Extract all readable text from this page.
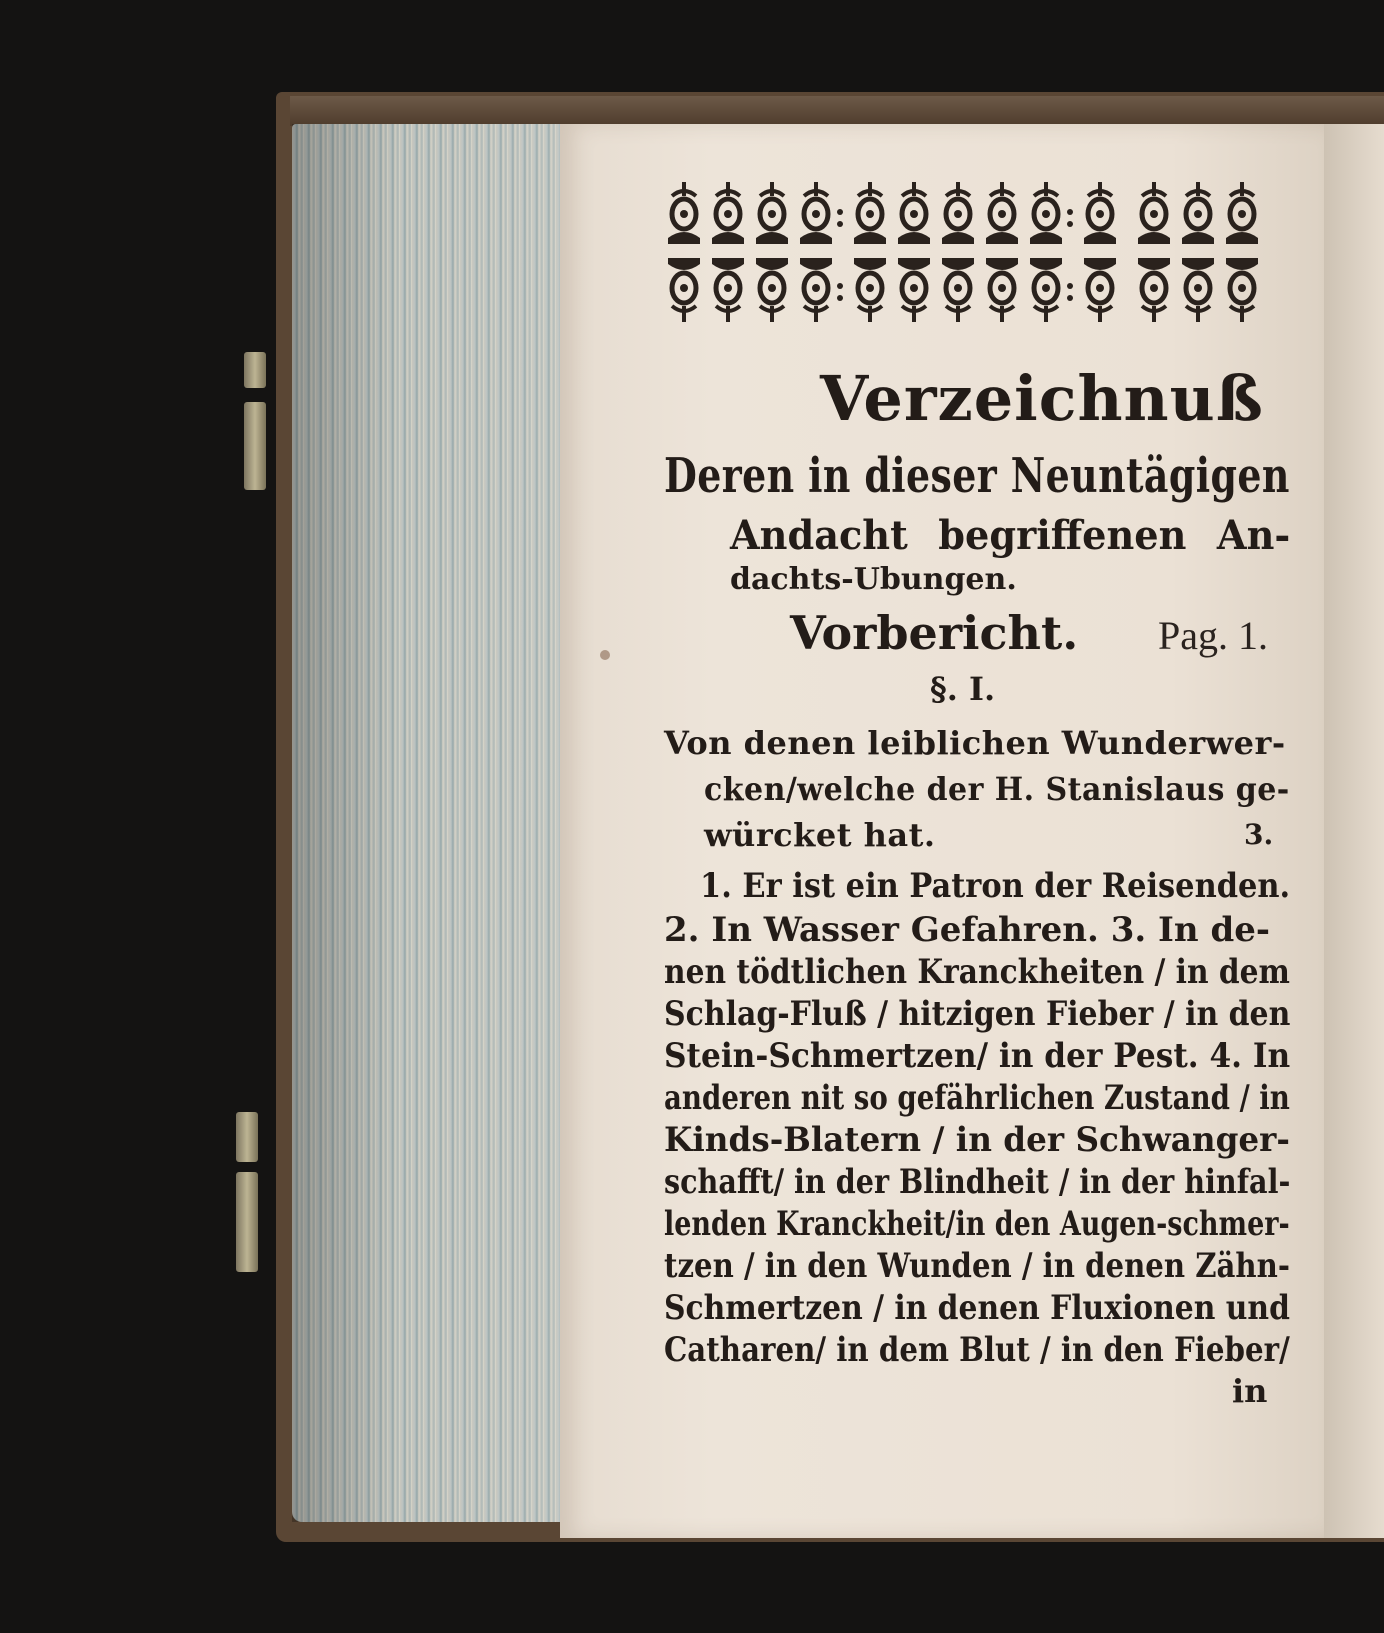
Verzeichnuß
Deren in dieser Neuntägigen
Andacht begriffenen An-
dachts-Ubungen.
Vorbericht. Pag. 1.
§. I.
Von denen leiblichen Wunderwer-
cken/welche der H. Stanislaus ge-
würcket hat.	3.
1. Er ist ein Patron der Reisenden.
2. In Wasser Gefahren. 3. In de-
nen tödtlichen Kranckheiten / in dem
Schlag-Fluß / hitzigen Fieber / in den
Stein-Schmertzen/ in der Pest. 4. In
anderen nit so gefährlichen Zustand / in
Kinds-Blatern / in der Schwanger-
schafft/ in der Blindheit / in der hinfal-
lenden Kranckheit/in den Augen-schmer-
tzen / in den Wunden / in denen Zähn-
Schmertzen / in denen Fluxionen und
Catharen/ in dem Blut / in den Fieber/
in
